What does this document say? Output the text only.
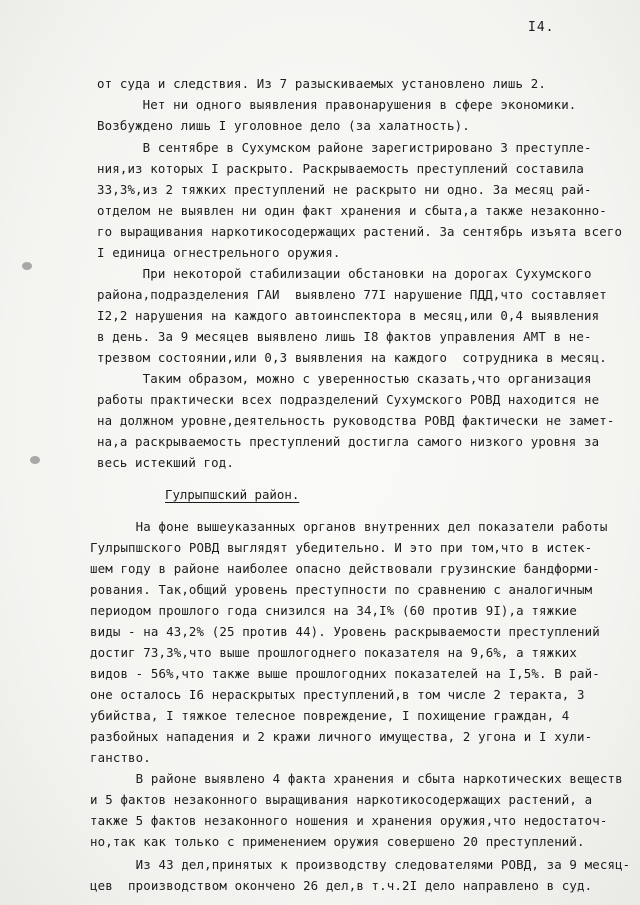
I4.
от суда и следствия. Из 7 разыскиваемых установлено лишь 2.
Нет ни одного выявления правонарушения в сфере экономики.
Возбуждено лишь I уголовное дело (за халатность).
В сентябре в Сухумском районе зарегистрировано 3 преступле-
ния,из которых I раскрыто. Раскрываемость преступлений составила
33,3%,из 2 тяжких преступлений не раскрыто ни одно. За месяц рай-
отделом не выявлен ни один факт хранения и сбыта,а также незаконно-
го выращивания наркотикосодержащих растений. За сентябрь изъята всего
I единица огнестрельного оружия.
При некоторой стабилизации обстановки на дорогах Сухумского
района,подразделения ГАИ  выявлено 77I нарушение ПДД,что составляет
I2,2 нарушения на каждого автоинспектора в месяц,или 0,4 выявления
в день. За 9 месяцев выявлено лишь I8 фактов управления АМТ в не-
трезвом состоянии,или 0,3 выявления на каждого  сотрудника в месяц.
Таким образом, можно с уверенностью сказать,что организация
работы практически всех подразделений Сухумского РОВД находится не
на должном уровне,деятельность руководства РОВД фактически не замет-
на,а раскрываемость преступлений достигла самого низкого уровня за
весь истекший год.
Гулрыпшский район.
На фоне вышеуказанных органов внутренних дел показатели работы
Гулрыпшского РОВД выглядят убедительно. И это при том,что в истек-
шем году в районе наиболее опасно действовали грузинские бандформи-
рования. Так,общий уровень преступности по сравнению с аналогичным
периодом прошлого года снизился на 34,I% (60 против 9I),а тяжкие
виды - на 43,2% (25 против 44). Уровень раскрываемости преступлений
достиг 73,3%,что выше прошлогоднего показателя на 9,6%, а тяжких
видов - 56%,что также выше прошлогодних показателей на I,5%. В рай-
оне осталось I6 нераскрытых преступлений,в том числе 2 теракта, 3
убийства, I тяжкое телесное повреждение, I похищение граждан, 4
разбойных нападения и 2 кражи личного имущества, 2 угона и I хули-
ганство.
В районе выявлено 4 факта хранения и сбыта наркотических веществ
и 5 фактов незаконного выращивания наркотикосодержащих растений, а
также 5 фактов незаконного ношения и хранения оружия,что недостаточ-
но,так как только с применением оружия совершено 20 преступлений.
Из 43 дел,принятых к производству следователями РОВД, за 9 месяц-
цев  производством окончено 26 дел,в т.ч.2I дело направлено в суд.
